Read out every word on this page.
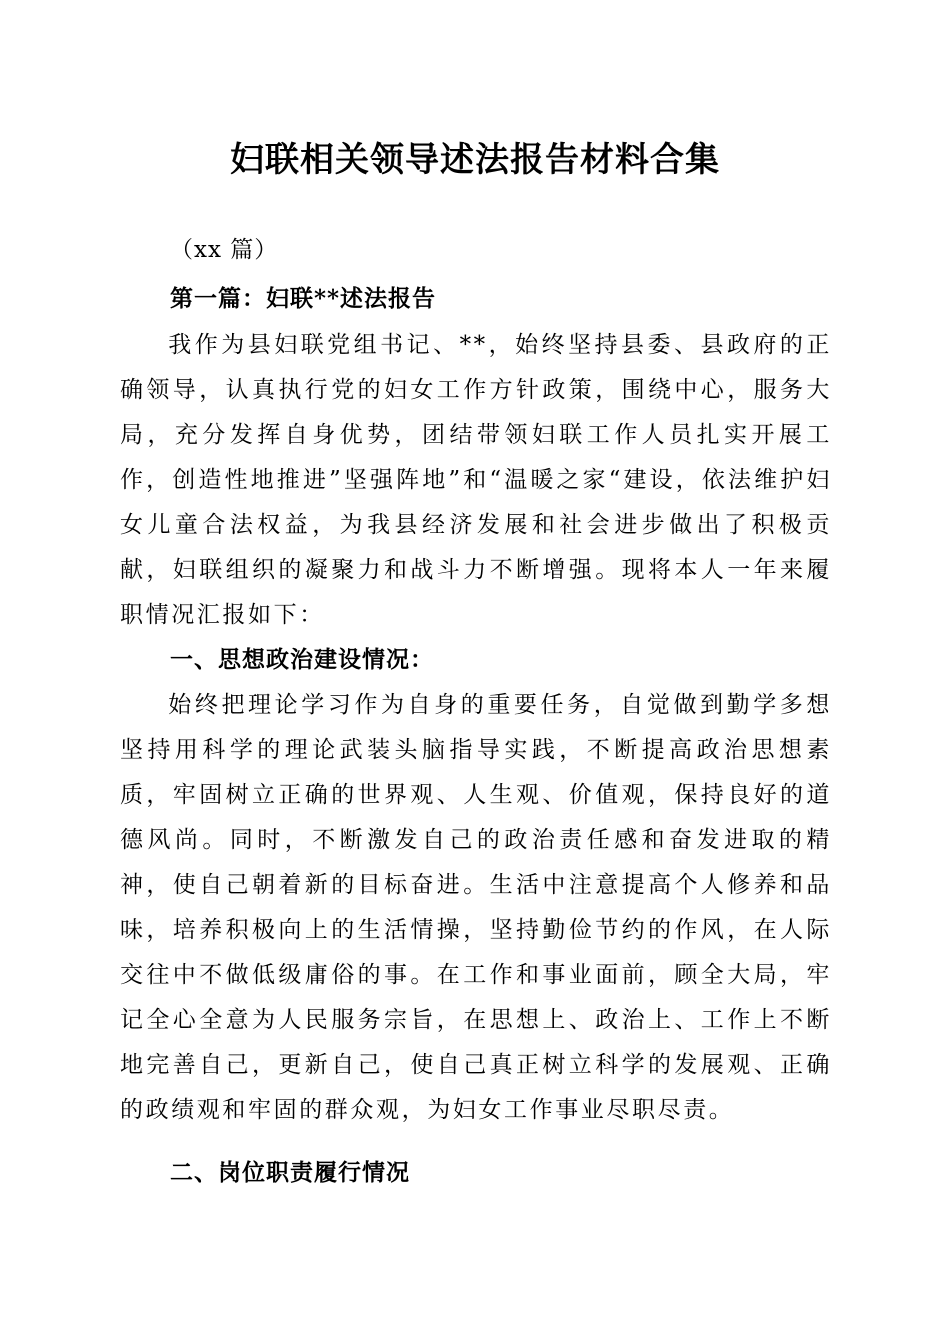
妇联相关领导述法报告材料合集

（xx 篇）

第一篇：妇联**述法报告

我作为县妇联党组书记、**，始终坚持县委、县政府的正确领导，认真执行党的妇女工作方针政策，围绕中心，服务大局，充分发挥自身优势，团结带领妇联工作人员扎实开展工作，创造性地推进”坚强阵地”和“温暖之家“建设，依法维护妇女儿童合法权益，为我县经济发展和社会进步做出了积极贡献，妇联组织的凝聚力和战斗力不断增强。现将本人一年来履职情况汇报如下：

一、思想政治建设情况：

始终把理论学习作为自身的重要任务，自觉做到勤学多想坚持用科学的理论武装头脑指导实践，不断提高政治思想素质，牢固树立正确的世界观、人生观、价值观，保持良好的道德风尚。同时，不断激发自己的政治责任感和奋发进取的精神，使自己朝着新的目标奋进。生活中注意提高个人修养和品味，培养积极向上的生活情操，坚持勤俭节约的作风，在人际交往中不做低级庸俗的事。在工作和事业面前，顾全大局，牢记全心全意为人民服务宗旨，在思想上、政治上、工作上不断地完善自己，更新自己，使自己真正树立科学的发展观、正确的政绩观和牢固的群众观，为妇女工作事业尽职尽责。

二、岗位职责履行情况
